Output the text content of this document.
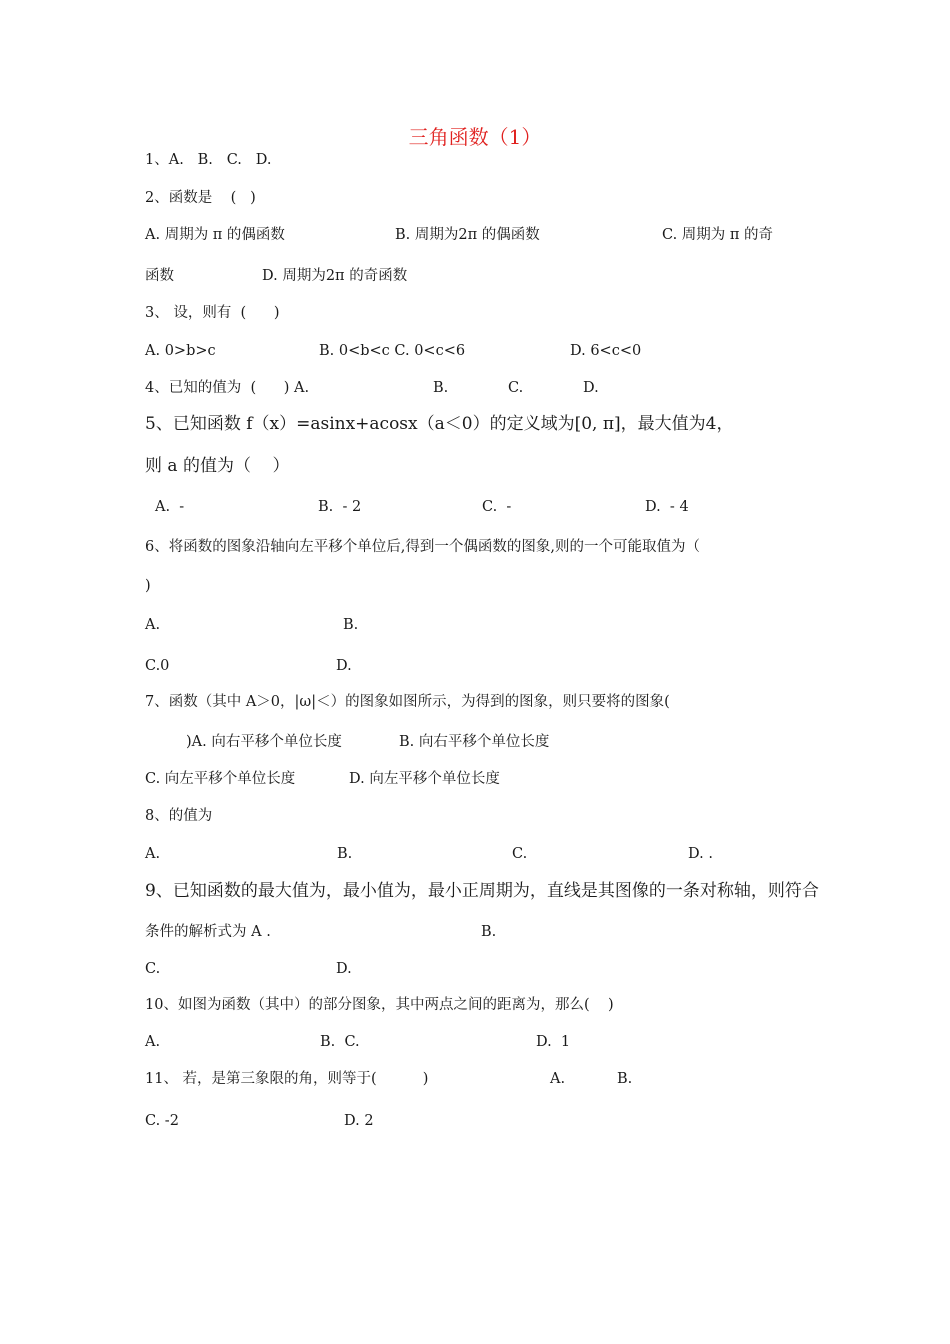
三角函数（1）
1、A.   B.   C.   D.
2、函数是    (   )
A. 周期为 π 的偶函数	B. 周期为2π 的偶函数	C. 周期为 π 的奇
函数	D. 周期为2π 的奇函数
3、 设，则有  (      )
A. 0>b>c	B. 0<b<c C. 0<c<6	D. 6<c<0
4、已知的值为  (      ) A.	B.	C.	D.
5、已知函数 f（x）=asinx+acosx（a＜0）的定义域为[0, π]，最大值为4，
则 a 的值为（    ）
A.  -	B.  - 2	C.  -	D.  - 4
6、将函数的图象沿轴向左平移个单位后,得到一个偶函数的图象,则的一个可能取值为（
)
A.	B.
C.0	D.
7、函数（其中 A＞0，|ω|＜）的图象如图所示，为得到的图象，则只要将的图象(
)A. 向右平移个单位长度	B. 向右平移个单位长度
C. 向左平移个单位长度	D. 向左平移个单位长度
8、的值为
A.	B.	C.	D. .
9、已知函数的最大值为，最小值为，最小正周期为，直线是其图像的一条对称轴，则符合
条件的解析式为 A .	B.
C.	D.
10、如图为函数（其中）的部分图象，其中两点之间的距离为，那么(    )
A.	B.  C.	D.  1
11、 若，是第三象限的角，则等于(          )	A.	B.
C. -2	D. 2
